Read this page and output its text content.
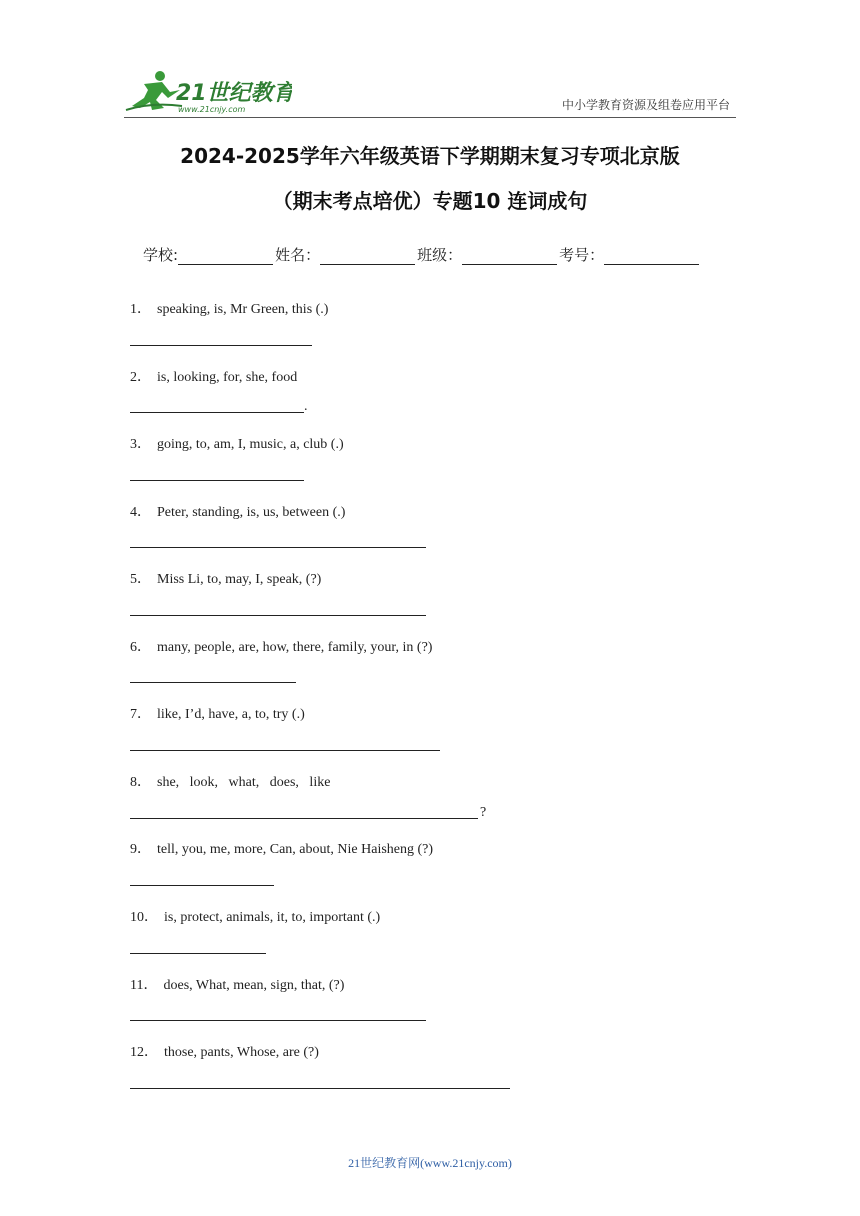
21世纪教育
www.21cnjy.com	中小学教育资源及组卷应用平台
2024-2025学年六年级英语下学期期末复习专项北京版
（期末考点培优）专题10 连词成句
学校:	姓名：	班级：	考号：
1． speaking, is, Mr Green, this (.)
2． is, looking, for, she, food
.
3． going, to, am, I, music, a, club (.)
4． Peter, standing, is, us, between (.)
5． Miss Li, to, may, I, speak, (?)
6． many, people, are, how, there, family, your, in (?)
7． like, I’d, have, a, to, try (.)
8． she,   look,   what,   does,   like
?
9． tell, you, me, more, Can, about, Nie Haisheng (?)
10． is, protect, animals, it, to, important (.)
11． does, What, mean, sign, that, (?)
12． those, pants, Whose, are (?)
21世纪教育网(www.21cnjy.com)
